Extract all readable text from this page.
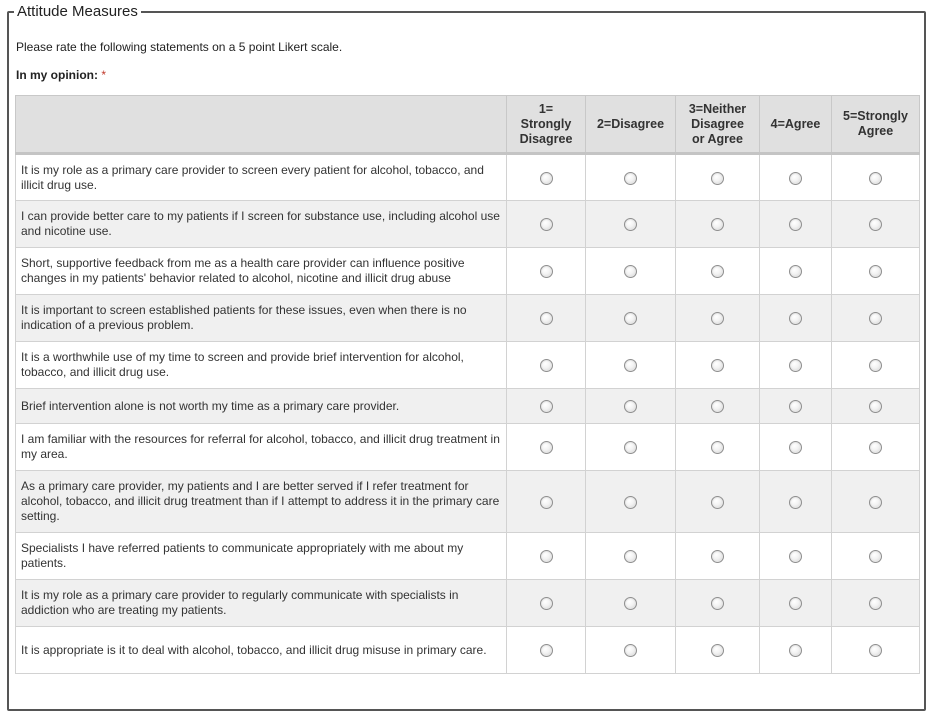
Attitude Measures
Please rate the following statements on a 5 point Likert scale.
In my opinion: *
	1=
Strongly
Disagree	2=Disagree	3=Neither
Disagree
or Agree	4=Agree	5=Strongly
Agree
It is my role as a primary care provider to screen every patient for alcohol, tobacco, and illicit drug use.					
I can provide better care to my patients if I screen for substance use, including alcohol use and nicotine use.					
Short, supportive feedback from me as a health care provider can influence positive changes in my patients' behavior related to alcohol, nicotine and illicit drug abuse					
It is important to screen established patients for these issues, even when there is no indication of a previous problem.					
It is a worthwhile use of my time to screen and provide brief intervention for alcohol, tobacco, and illicit drug use.					
Brief intervention alone is not worth my time as a primary care provider.					
I am familiar with the resources for referral for alcohol, tobacco, and illicit drug treatment in my area.					
As a primary care provider, my patients and I are better served if I refer treatment for alcohol, tobacco, and illicit drug treatment than if I attempt to address it in the primary care setting.					
Specialists I have referred patients to communicate appropriately with me about my patients.					
It is my role as a primary care provider to regularly communicate with specialists in addiction who are treating my patients.					
It is appropriate is it to deal with alcohol, tobacco, and illicit drug misuse in primary care.					
